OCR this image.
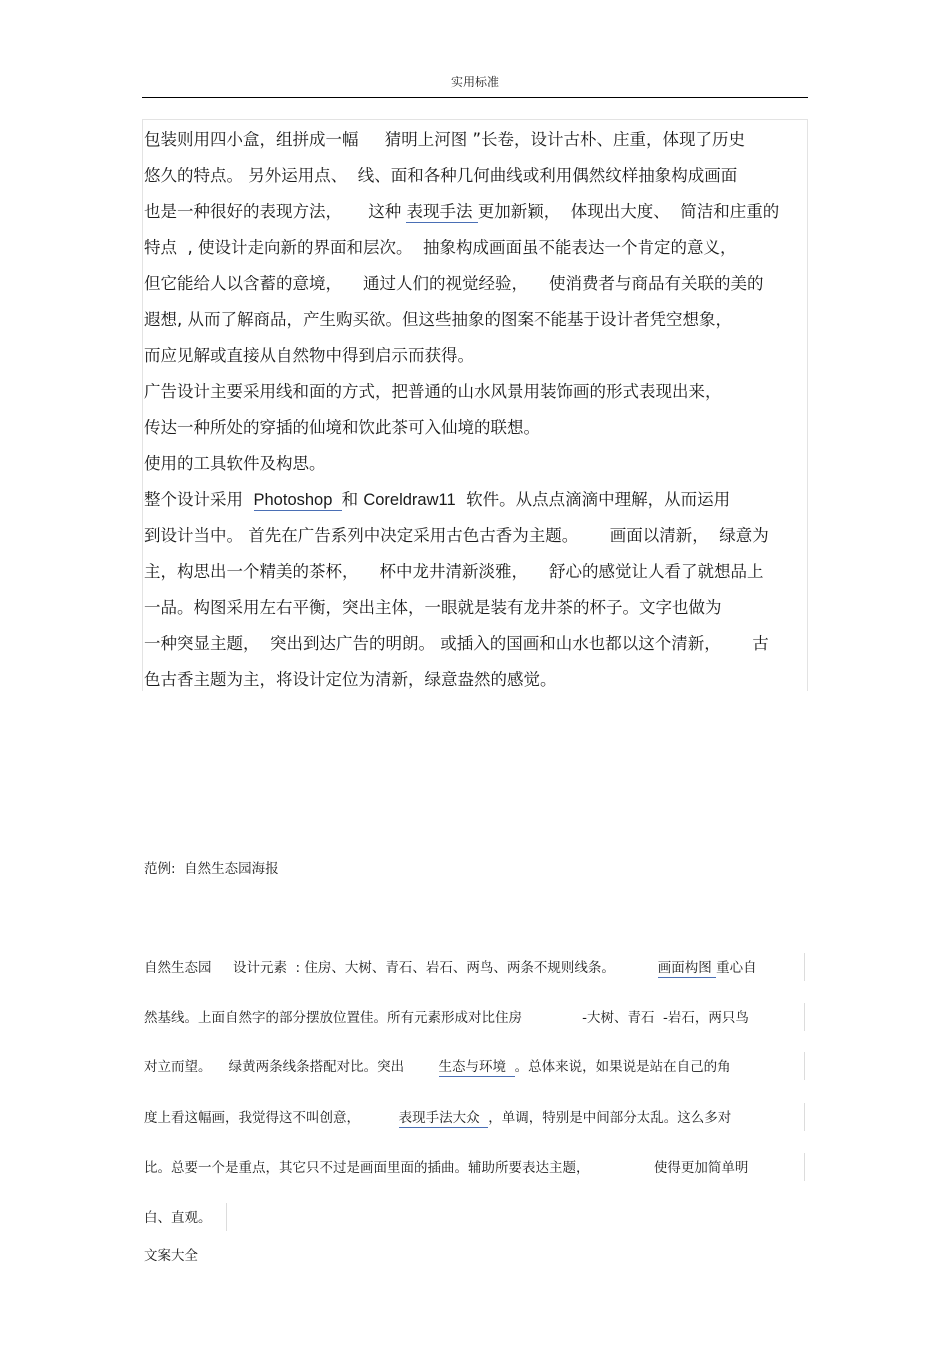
实用标准
包装则用四小盒，组拼成一幅     猜明上河图 ”长卷，设计古朴、庄重，体现了历史
悠久的特点。 另外运用点、  线、面和各种几何曲线或利用偶然纹样抽象构成画面
也是一种很好的表现方法，     这种 表现手法 更加新颖，  体现出大度、  简洁和庄重的
特点  , 使设计走向新的界面和层次。  抽象构成画面虽不能表达一个肯定的意义，
但它能给人以含蓄的意境，    通过人们的视觉经验，    使消费者与商品有关联的美的
遐想, 从而了解商品，产生购买欲。但这些抽象的图案不能基于设计者凭空想象，
而应见解或直接从自然物中得到启示而获得。
广告设计主要采用线和面的方式，把普通的山水风景用装饰画的形式表现出来，
传达一种所处的穿插的仙境和饮此茶可入仙境的联想。
使用的工具软件及构思。
整个设计采用  Photoshop  和 Coreldraw11  软件。从点点滴滴中理解，从而运用
到设计当中。 首先在广告系列中决定采用古色古香为主题。      画面以清新，  绿意为
主，构思出一个精美的茶杯，    杯中龙井清新淡雅，    舒心的感觉让人看了就想品上
一品。构图采用左右平衡，突出主体，一眼就是装有龙井茶的杯子。文字也做为
一种突显主题，  突出到达广告的明朗。 或插入的国画和山水也都以这个清新，      古
色古香主题为主，将设计定位为清新，绿意盎然的感觉。
范例:  自然生态园海报
自然生态园     设计元素  : 住房、大树、青石、岩石、两鸟、两条不规则线条。          画面构图 重心自
然基线。上面自然字的部分摆放位置佳。所有元素形成对比住房              -大树、青石  -岩石，两只鸟
对立而望。    绿黄两条线条搭配对比。突出        生态与环境  。总体来说，如果说是站在自己的角
度上看这幅画，我觉得这不叫创意，         表现手法大众  ，单调，特别是中间部分太乱。这么多对
比。总要一个是重点，其它只不过是画面里面的插曲。辅助所要表达主题，               使得更加简单明
白、直观。
文案大全
